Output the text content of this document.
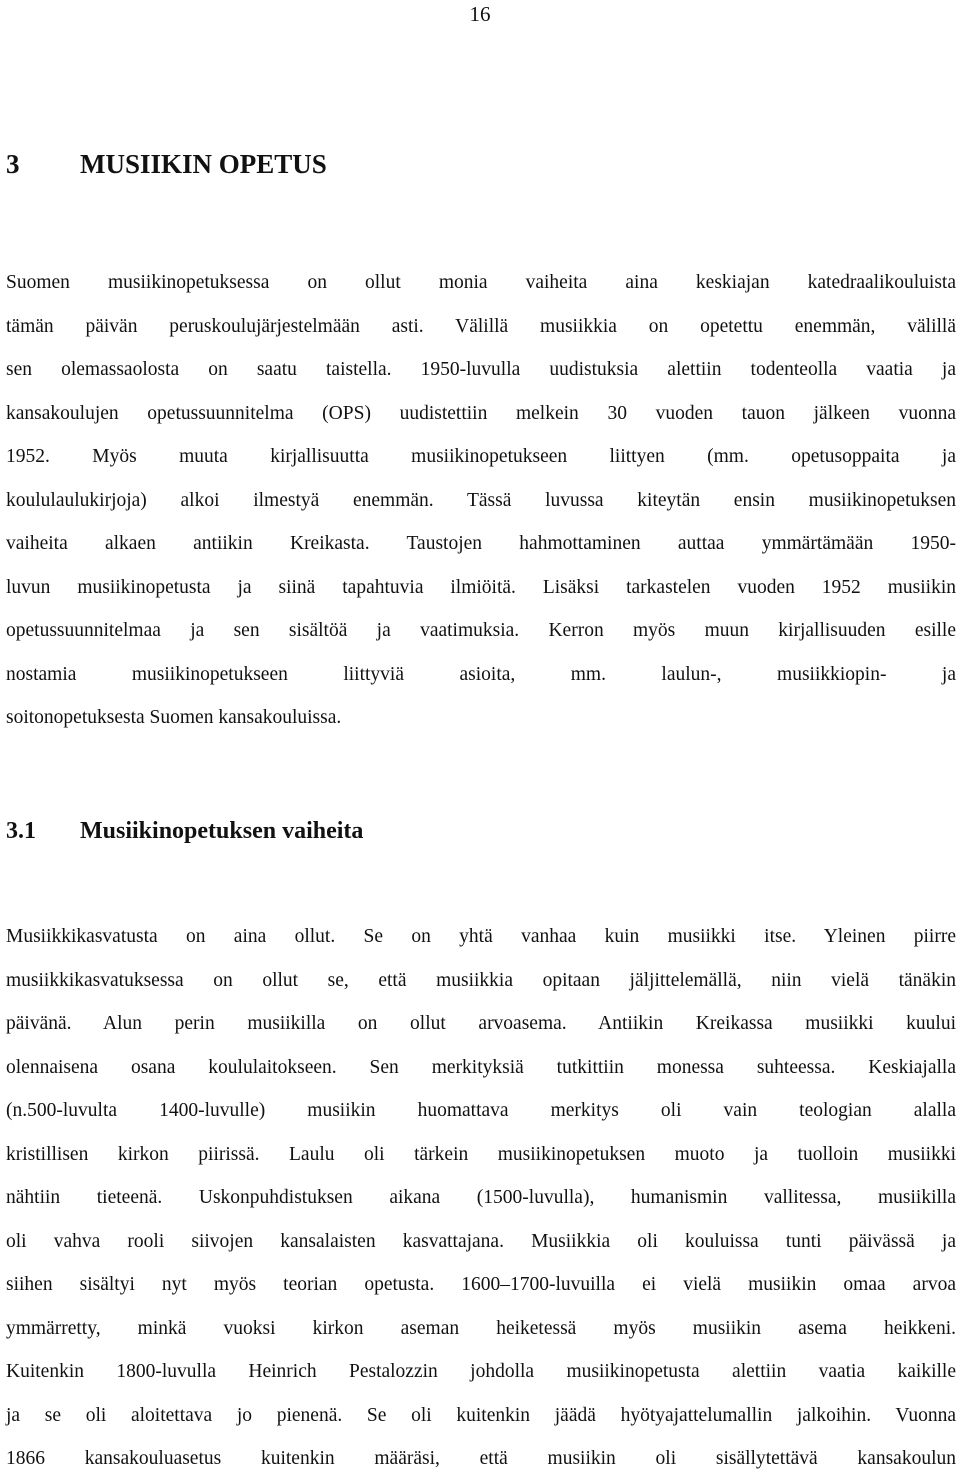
16
3 MUSIIKIN OPETUS
Suomen musiikinopetuksessa on ollut monia vaiheita aina keskiajan katedraalikouluista
tämän päivän peruskoulujärjestelmään asti. Välillä musiikkia on opetettu enemmän, välillä
sen olemassaolosta on saatu taistella. 1950-luvulla uudistuksia alettiin todenteolla vaatia ja
kansakoulujen opetussuunnitelma (OPS) uudistettiin melkein 30 vuoden tauon jälkeen vuonna
1952. Myös muuta kirjallisuutta musiikinopetukseen liittyen (mm. opetusoppaita ja
koululaulukirjoja) alkoi ilmestyä enemmän. Tässä luvussa kiteytän ensin musiikinopetuksen
vaiheita alkaen antiikin Kreikasta. Taustojen hahmottaminen auttaa ymmärtämään 1950-
luvun musiikinopetusta ja siinä tapahtuvia ilmiöitä. Lisäksi tarkastelen vuoden 1952 musiikin
opetussuunnitelmaa ja sen sisältöä ja vaatimuksia. Kerron myös muun kirjallisuuden esille
nostamia musiikinopetukseen liittyviä asioita, mm. laulun-, musiikkiopin- ja
soitonopetuksesta Suomen kansakouluissa.
3.1 Musiikinopetuksen vaiheita
Musiikkikasvatusta on aina ollut. Se on yhtä vanhaa kuin musiikki itse. Yleinen piirre
musiikkikasvatuksessa on ollut se, että musiikkia opitaan jäljittelemällä, niin vielä tänäkin
päivänä. Alun perin musiikilla on ollut arvoasema. Antiikin Kreikassa musiikki kuului
olennaisena osana koululaitokseen. Sen merkityksiä tutkittiin monessa suhteessa. Keskiajalla
(n.500-luvulta 1400-luvulle) musiikin huomattava merkitys oli vain teologian alalla
kristillisen kirkon piirissä. Laulu oli tärkein musiikinopetuksen muoto ja tuolloin musiikki
nähtiin tieteenä. Uskonpuhdistuksen aikana (1500-luvulla), humanismin vallitessa, musiikilla
oli vahva rooli siivojen kansalaisten kasvattajana. Musiikkia oli kouluissa tunti päivässä ja
siihen sisältyi nyt myös teorian opetusta. 1600–1700-luvuilla ei vielä musiikin omaa arvoa
ymmärretty, minkä vuoksi kirkon aseman heiketessä myös musiikin asema heikkeni.
Kuitenkin 1800-luvulla Heinrich Pestalozzin johdolla musiikinopetusta alettiin vaatia kaikille
ja se oli aloitettava jo pienenä. Se oli kuitenkin jäädä hyötyajattelumallin jalkoihin. Vuonna
1866 kansakouluasetus kuitenkin määräsi, että musiikin oli sisällytettävä kansakoulun
